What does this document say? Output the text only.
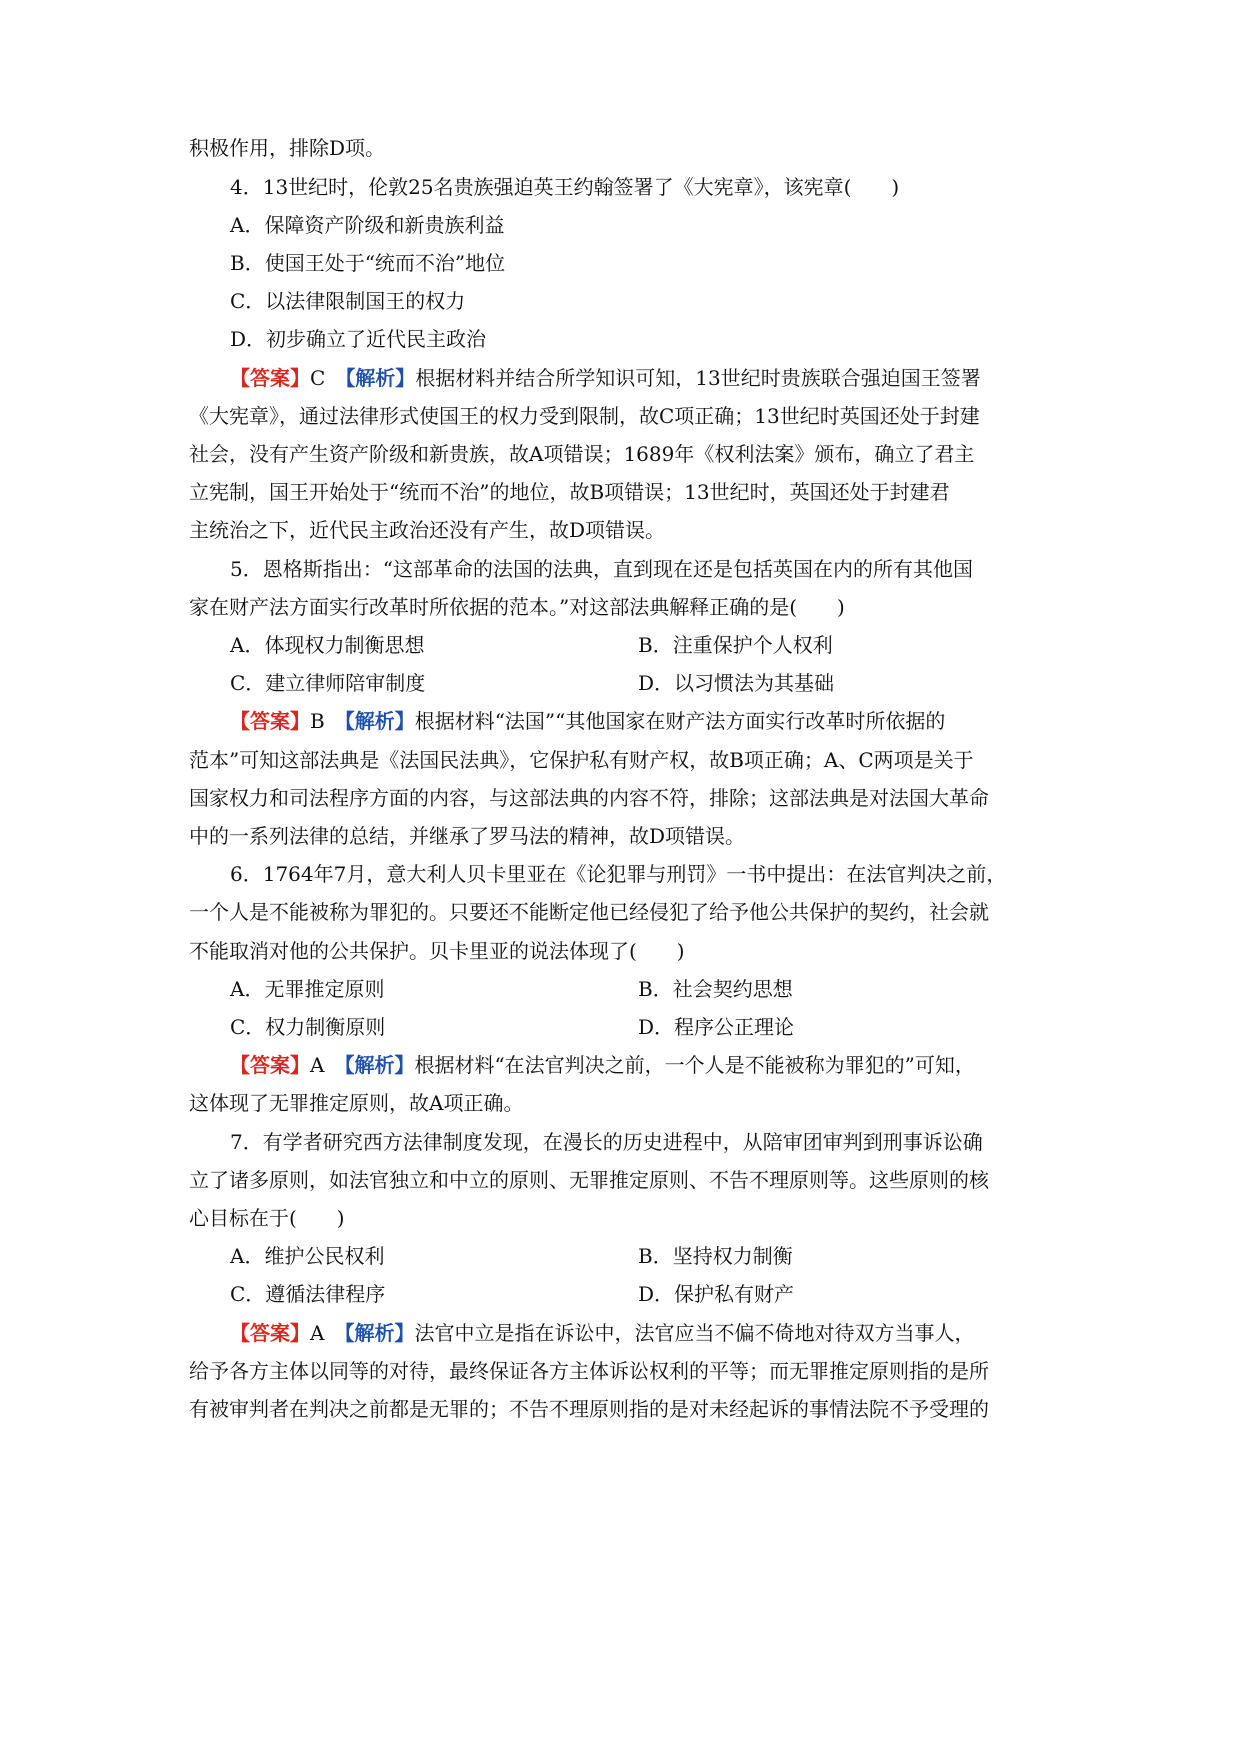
积极作用，排除D项。
4．13世纪时，伦敦25名贵族强迫英王约翰签署了《大宪章》，该宪章(　　)
A．保障资产阶级和新贵族利益
B．使国王处于“统而不治”地位
C．以法律限制国王的权力
D．初步确立了近代民主政治
【答案】C　【解析】根据材料并结合所学知识可知，13世纪时贵族联合强迫国王签署
《大宪章》，通过法律形式使国王的权力受到限制，故C项正确；13世纪时英国还处于封建
社会，没有产生资产阶级和新贵族，故A项错误；1689年《权利法案》颁布，确立了君主
立宪制，国王开始处于“统而不治”的地位，故B项错误；13世纪时，英国还处于封建君
主统治之下，近代民主政治还没有产生，故D项错误。
5．恩格斯指出：“这部革命的法国的法典，直到现在还是包括英国在内的所有其他国
家在财产法方面实行改革时所依据的范本。”对这部法典解释正确的是(　　)
A．体现权力制衡思想	B．注重保护个人权利
C．建立律师陪审制度	D．以习惯法为其基础
【答案】B　【解析】根据材料“法国”“其他国家在财产法方面实行改革时所依据的
范本”可知这部法典是《法国民法典》，它保护私有财产权，故B项正确；A、C两项是关于
国家权力和司法程序方面的内容，与这部法典的内容不符，排除；这部法典是对法国大革命
中的一系列法律的总结，并继承了罗马法的精神，故D项错误。
6．1764年7月，意大利人贝卡里亚在《论犯罪与刑罚》一书中提出：在法官判决之前，
一个人是不能被称为罪犯的。只要还不能断定他已经侵犯了给予他公共保护的契约，社会就
不能取消对他的公共保护。贝卡里亚的说法体现了(　　)
A．无罪推定原则	B．社会契约思想
C．权力制衡原则	D．程序公正理论
【答案】A　【解析】根据材料“在法官判决之前，一个人是不能被称为罪犯的”可知，
这体现了无罪推定原则，故A项正确。
7．有学者研究西方法律制度发现，在漫长的历史进程中，从陪审团审判到刑事诉讼确
立了诸多原则，如法官独立和中立的原则、无罪推定原则、不告不理原则等。这些原则的核
心目标在于(　　)
A．维护公民权利	B．坚持权力制衡
C．遵循法律程序	D．保护私有财产
【答案】A　【解析】法官中立是指在诉讼中，法官应当不偏不倚地对待双方当事人，
给予各方主体以同等的对待，最终保证各方主体诉讼权利的平等；而无罪推定原则指的是所
有被审判者在判决之前都是无罪的；不告不理原则指的是对未经起诉的事情法院不予受理的
